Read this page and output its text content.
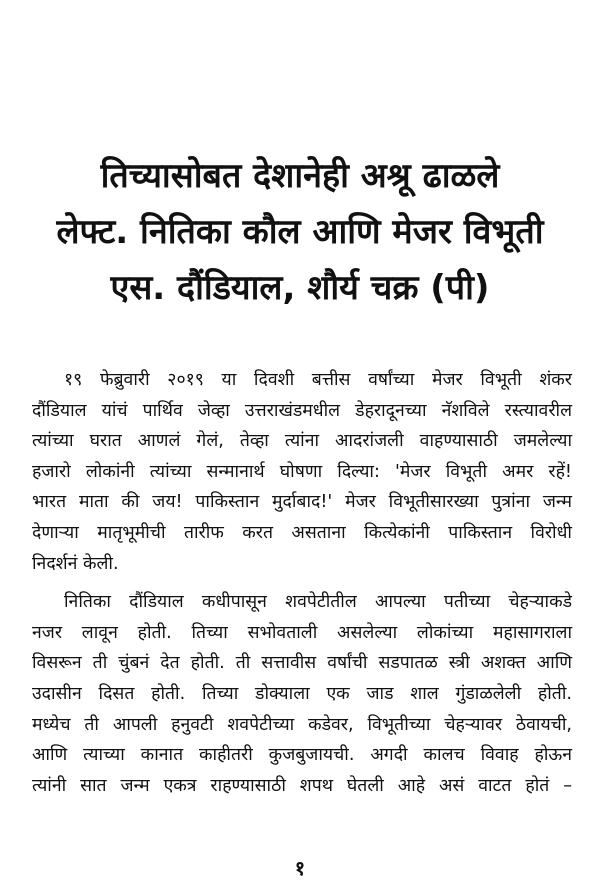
तिच्यासोबत देशानेही अश्रू ढाळले
लेफ्ट. नितिका कौल आणि मेजर विभूती
एस. दौंडियाल, शौर्य चक्र (पी)

१९ फेब्रुवारी २०१९ या दिवशी बत्तीस वर्षांच्या मेजर विभूती शंकर
दौंडियाल यांचं पार्थिव जेव्हा उत्तराखंडमधील डेहरादूनच्या नॅशविले रस्त्यावरील
त्यांच्या घरात आणलं गेलं, तेव्हा त्यांना आदरांजली वाहण्यासाठी जमलेल्या
हजारो लोकांनी त्यांच्या सन्मानार्थ घोषणा दिल्या: 'मेजर विभूती अमर रहें!
भारत माता की जय! पाकिस्तान मुर्दाबाद!' मेजर विभूतीसारख्या पुत्रांना जन्म
देणाऱ्या मातृभूमीची तारीफ करत असताना कित्येकांनी पाकिस्तान विरोधी
निदर्शनं केली.

नितिका दौंडियाल कधीपासून शवपेटीतील आपल्या पतीच्या चेहऱ्याकडे
नजर लावून होती. तिच्या सभोवताली असलेल्या लोकांच्या महासागराला
विसरून ती चुंबनं देत होती. ती सत्तावीस वर्षांची सडपातळ स्त्री अशक्त आणि
उदासीन दिसत होती. तिच्या डोक्याला एक जाड शाल गुंडाळलेली होती.
मध्येच ती आपली हनुवटी शवपेटीच्या कडेवर, विभूतीच्या चेहऱ्यावर ठेवायची,
आणि त्याच्या कानात काहीतरी कुजबुजायची. अगदी कालच विवाह होऊन
त्यांनी सात जन्म एकत्र राहण्यासाठी शपथ घेतली आहे असं वाटत होतं –

१
